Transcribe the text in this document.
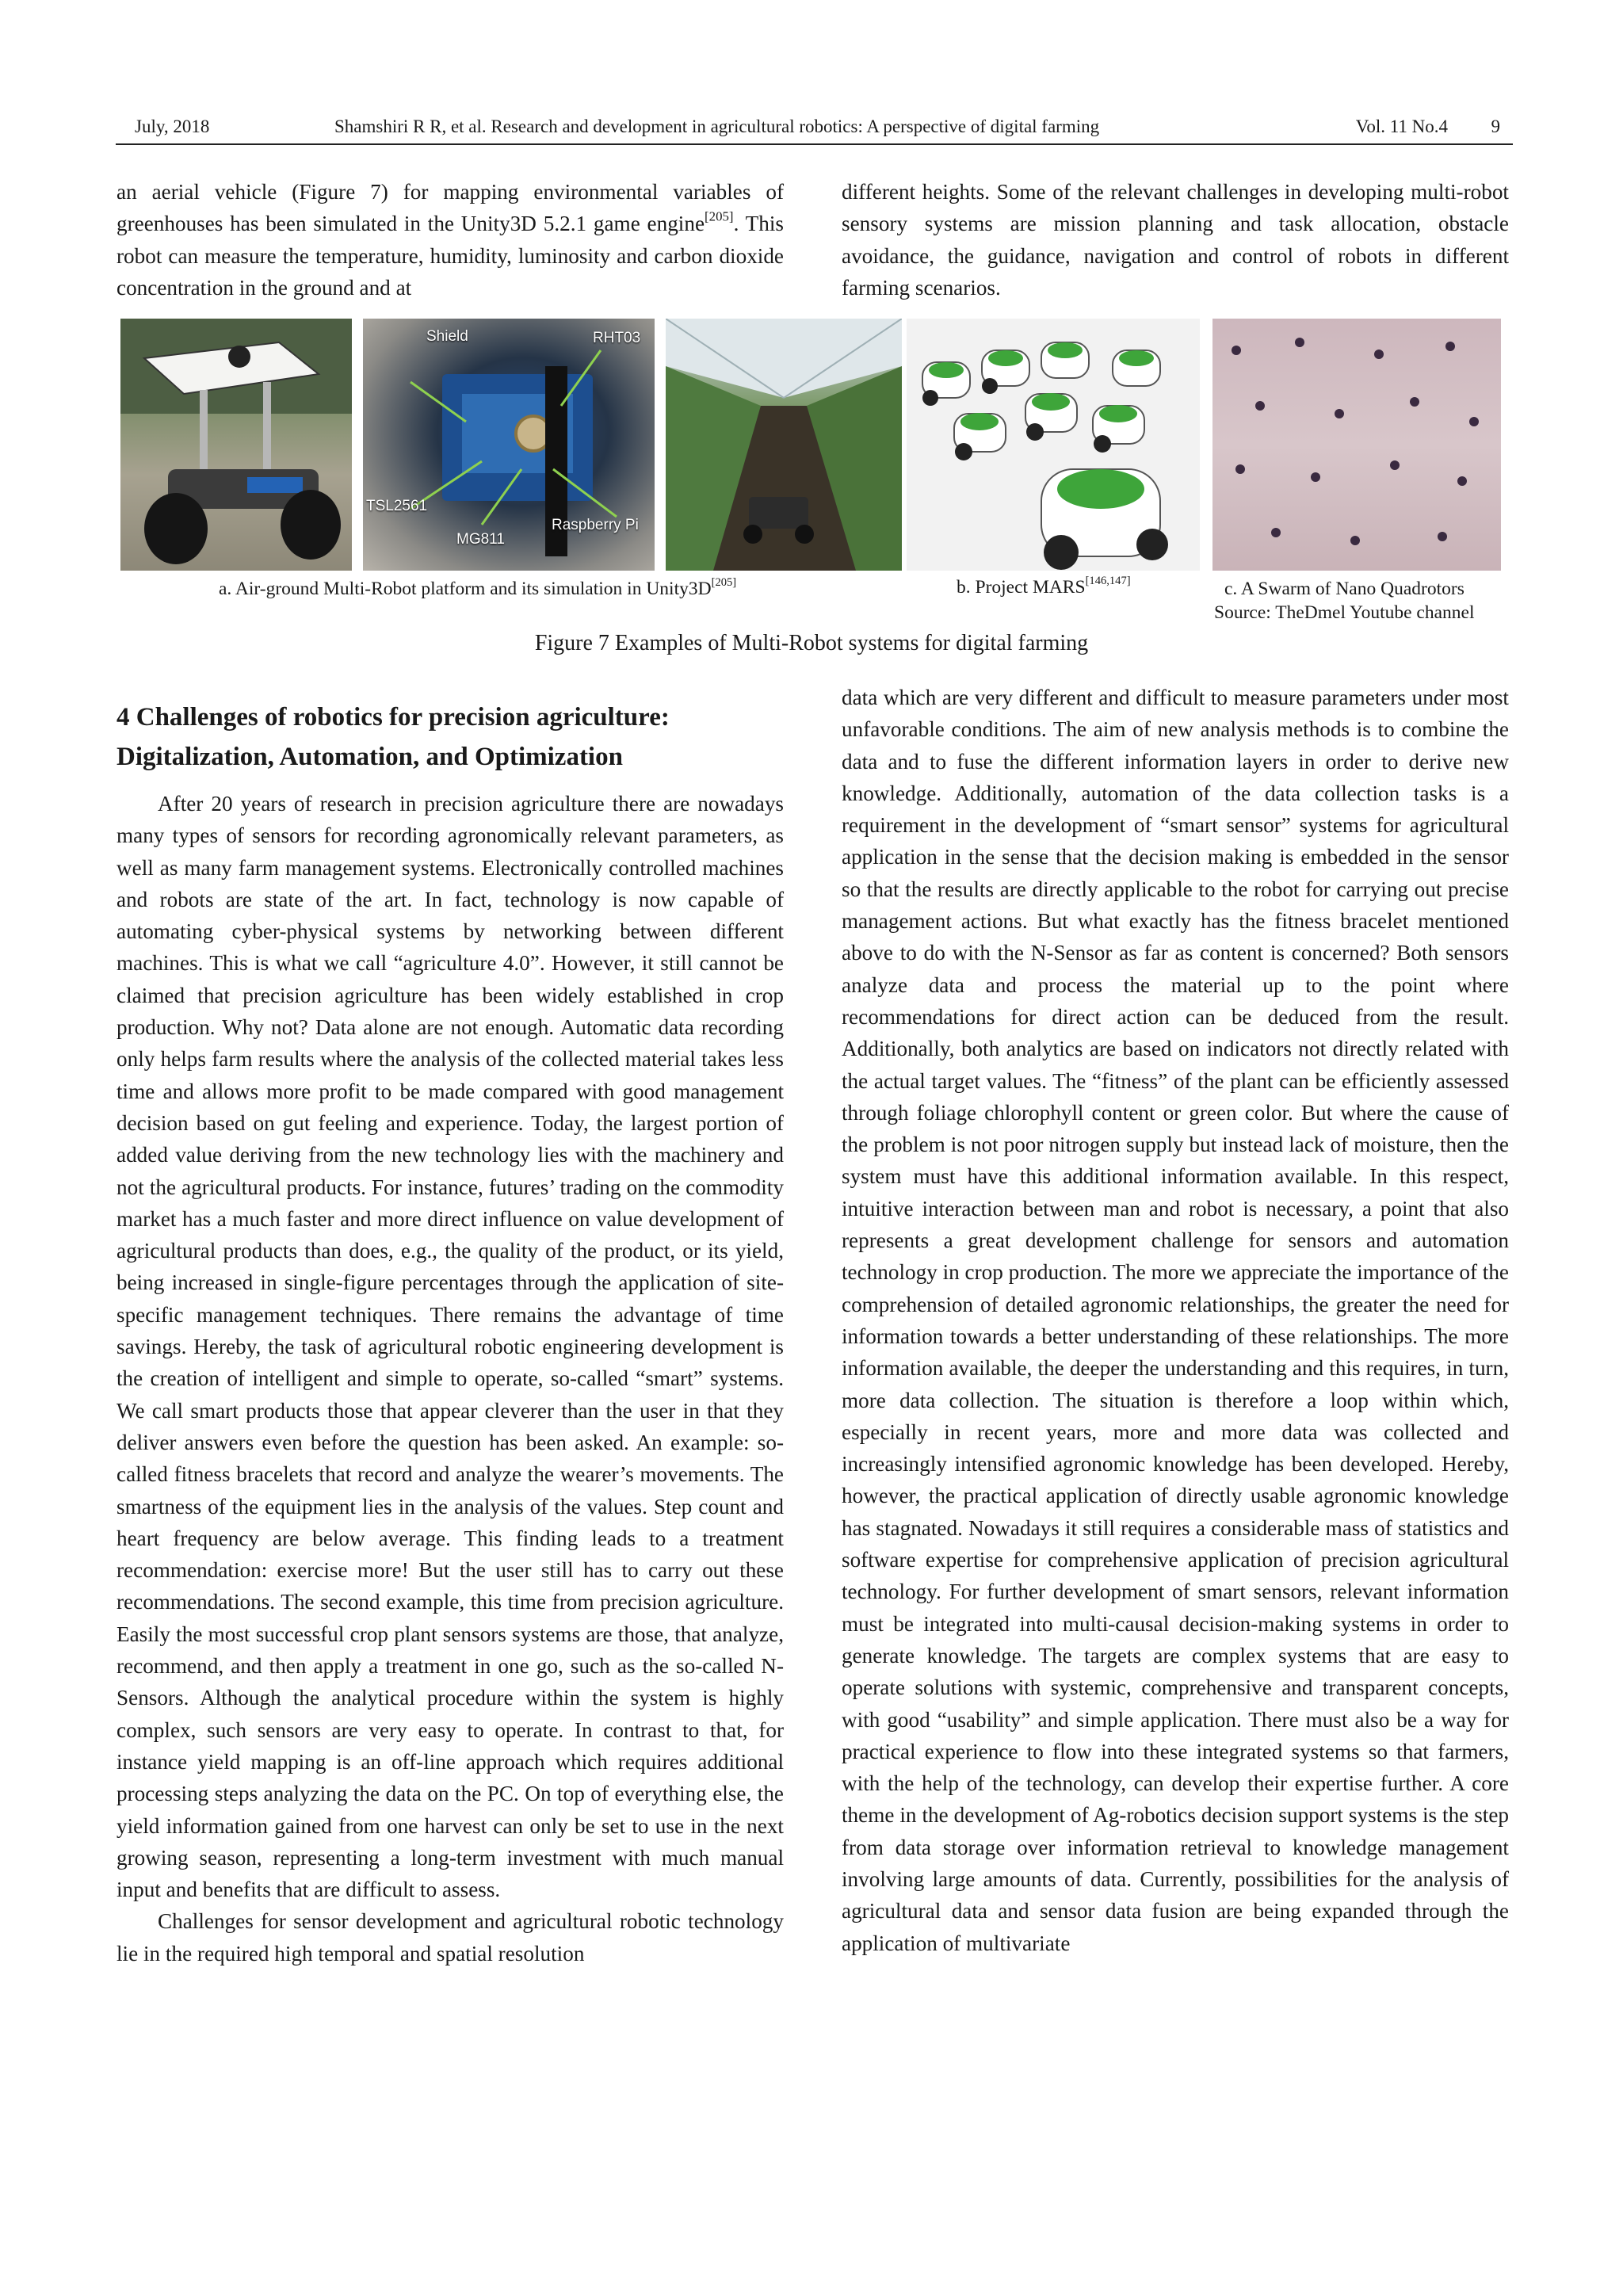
July, 2018	Shamshiri R R, et al. Research and development in agricultural robotics: A perspective of digital farming	Vol. 11 No.4 9

an aerial vehicle (Figure 7) for mapping environmental variables of greenhouses has been simulated in the Unity3D 5.2.1 game engine[205]. This robot can measure the temperature, humidity, luminosity and carbon dioxide concentration in the ground and at

different heights. Some of the relevant challenges in developing multi-robot sensory systems are mission planning and task allocation, obstacle avoidance, the guidance, navigation and control of robots in different farming scenarios.

Shield	RHT03
TSL2561
MG811
Raspberry Pi
a. Air-ground Multi-Robot platform and its simulation in Unity3D[205]	b. Project MARS[146,147]	c. A Swarm of Nano Quadrotors
Source: TheDmel Youtube channel
Figure 7 Examples of Multi-Robot systems for digital farming
4 Challenges of robotics for precision agriculture: Digitalization, Automation, and Optimization

After 20 years of research in precision agriculture there are nowadays many types of sensors for recording agronomically relevant parameters, as well as many farm management systems. Electronically controlled machines and robots are state of the art. In fact, technology is now capable of automating cyber-physical systems by networking between different machines. This is what we call “agriculture 4.0”. However, it still cannot be claimed that precision agriculture has been widely established in crop production. Why not? Data alone are not enough. Automatic data recording only helps farm results where the analysis of the collected material takes less time and allows more profit to be made compared with good management decision based on gut feeling and experience. Today, the largest portion of added value deriving from the new technology lies with the machinery and not the agricultural products. For instance, futures’ trading on the commodity market has a much faster and more direct influence on value development of agricultural products than does, e.g., the quality of the product, or its yield, being increased in single-figure percentages through the application of site-specific management techniques. There remains the advantage of time savings. Hereby, the task of agricultural robotic engineering development is the creation of intelligent and simple to operate, so-called “smart” systems. We call smart products those that appear cleverer than the user in that they deliver answers even before the question has been asked. An example: so-called fitness bracelets that record and analyze the wearer’s movements. The smartness of the equipment lies in the analysis of the values. Step count and heart frequency are below average. This finding leads to a treatment recommendation: exercise more! But the user still has to carry out these recommendations. The second example, this time from precision agriculture. Easily the most successful crop plant sensors systems are those, that analyze, recommend, and then apply a treatment in one go, such as the so-called N-Sensors. Although the analytical procedure within the system is highly complex, such sensors are very easy to operate. In contrast to that, for instance yield mapping is an off-line approach which requires additional processing steps analyzing the data on the PC. On top of everything else, the yield information gained from one harvest can only be set to use in the next growing season, representing a long-term investment with much manual input and benefits that are difficult to assess.

Challenges for sensor development and agricultural robotic technology lie in the required high temporal and spatial resolution

data which are very different and difficult to measure parameters under most unfavorable conditions. The aim of new analysis methods is to combine the data and to fuse the different information layers in order to derive new knowledge. Additionally, automation of the data collection tasks is a requirement in the development of “smart sensor” systems for agricultural application in the sense that the decision making is embedded in the sensor so that the results are directly applicable to the robot for carrying out precise management actions. But what exactly has the fitness bracelet mentioned above to do with the N-Sensor as far as content is concerned? Both sensors analyze data and process the material up to the point where recommendations for direct action can be deduced from the result. Additionally, both analytics are based on indicators not directly related with the actual target values. The “fitness” of the plant can be efficiently assessed through foliage chlorophyll content or green color. But where the cause of the problem is not poor nitrogen supply but instead lack of moisture, then the system must have this additional information available. In this respect, intuitive interaction between man and robot is necessary, a point that also represents a great development challenge for sensors and automation technology in crop production. The more we appreciate the importance of the comprehension of detailed agronomic relationships, the greater the need for information towards a better understanding of these relationships. The more information available, the deeper the understanding and this requires, in turn, more data collection. The situation is therefore a loop within which, especially in recent years, more and more data was collected and increasingly intensified agronomic knowledge has been developed. Hereby, however, the practical application of directly usable agronomic knowledge has stagnated. Nowadays it still requires a considerable mass of statistics and software expertise for comprehensive application of precision agricultural technology. For further development of smart sensors, relevant information must be integrated into multi-causal decision-making systems in order to generate knowledge. The targets are complex systems that are easy to operate solutions with systemic, comprehensive and transparent concepts, with good “usability” and simple application. There must also be a way for practical experience to flow into these integrated systems so that farmers, with the help of the technology, can develop their expertise further. A core theme in the development of Ag-robotics decision support systems is the step from data storage over information retrieval to knowledge management involving large amounts of data. Currently, possibilities for the analysis of agricultural data and sensor data fusion are being expanded through the application of multivariate
